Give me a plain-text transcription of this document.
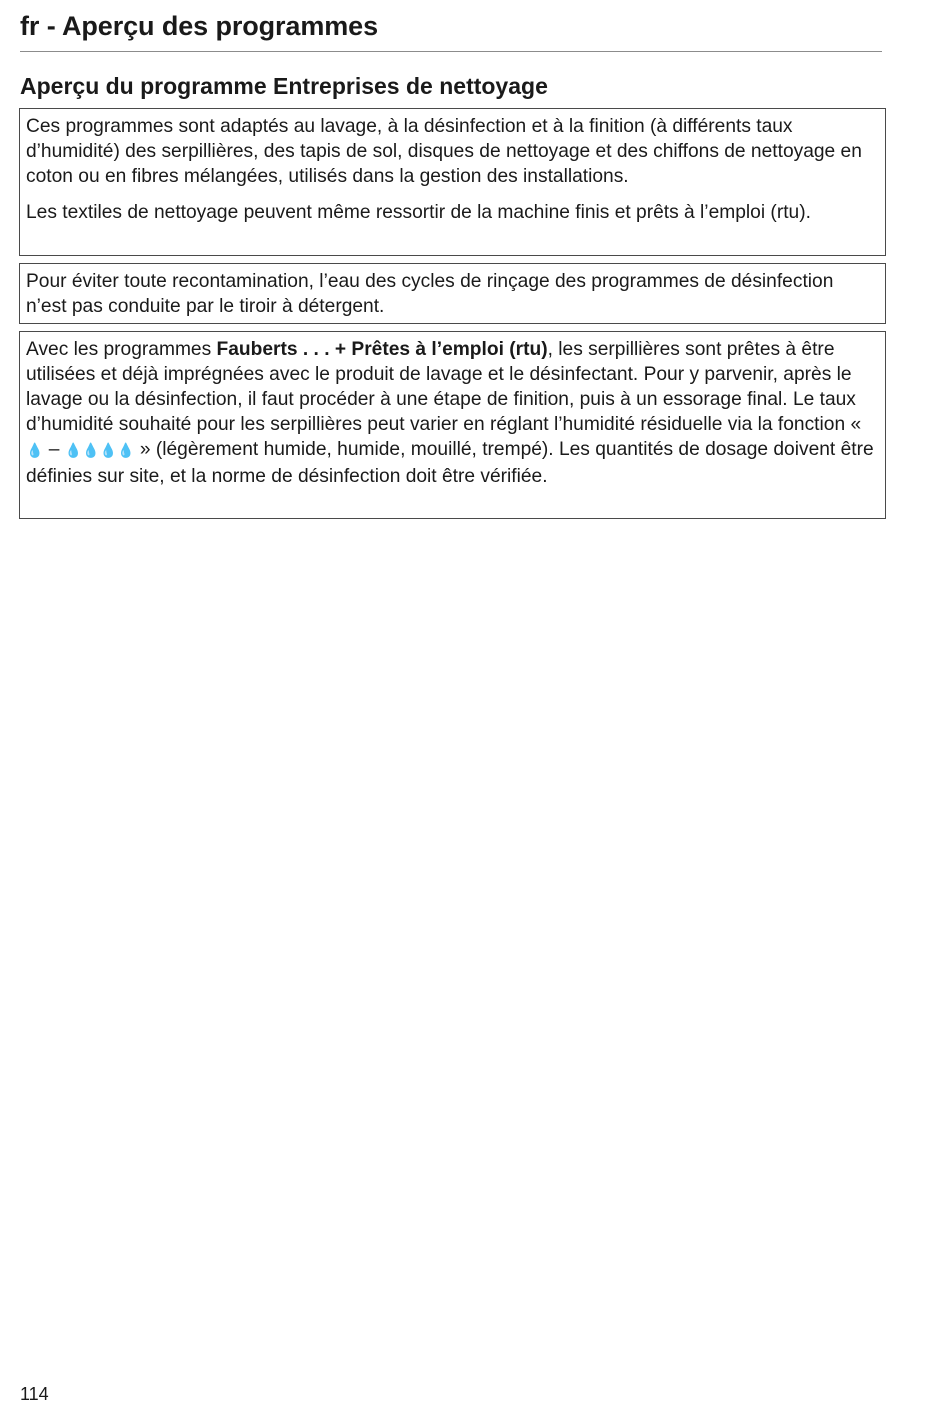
fr - Aperçu des programmes
Aperçu du programme Entreprises de nettoyage

Ces programmes sont adaptés au lavage, à la désinfection et à la finition (à différents taux d’humidité) des serpillières, des tapis de sol, disques de nettoyage et des chiffons de nettoyage en coton ou en fibres mélangées, utilisés dans la gestion des installations.

Les textiles de nettoyage peuvent même ressortir de la machine finis et prêts à l’emploi (rtu).

Pour éviter toute recontamination, l’eau des cycles de rinçage des programmes de désinfection n’est pas conduite par le tiroir à détergent.

Avec les programmes Fauberts . . . + Prêtes à l’emploi (rtu), les serpillières sont prêtes à être utilisées et déjà imprégnées avec le produit de lavage et le désinfectant. Pour y parvenir, après le lavage ou la désinfection, il faut procéder à une étape de finition, puis à un essorage final. Le taux d’humidité souhaité pour les serpillières peut varier en réglant l’humidité résiduelle via la fonction « 💧 – 💧💧💧💧 » (légèrement humide, humide, mouillé, trempé). Les quantités de dosage doivent être définies sur site, et la norme de désinfection doit être vérifiée.

114
